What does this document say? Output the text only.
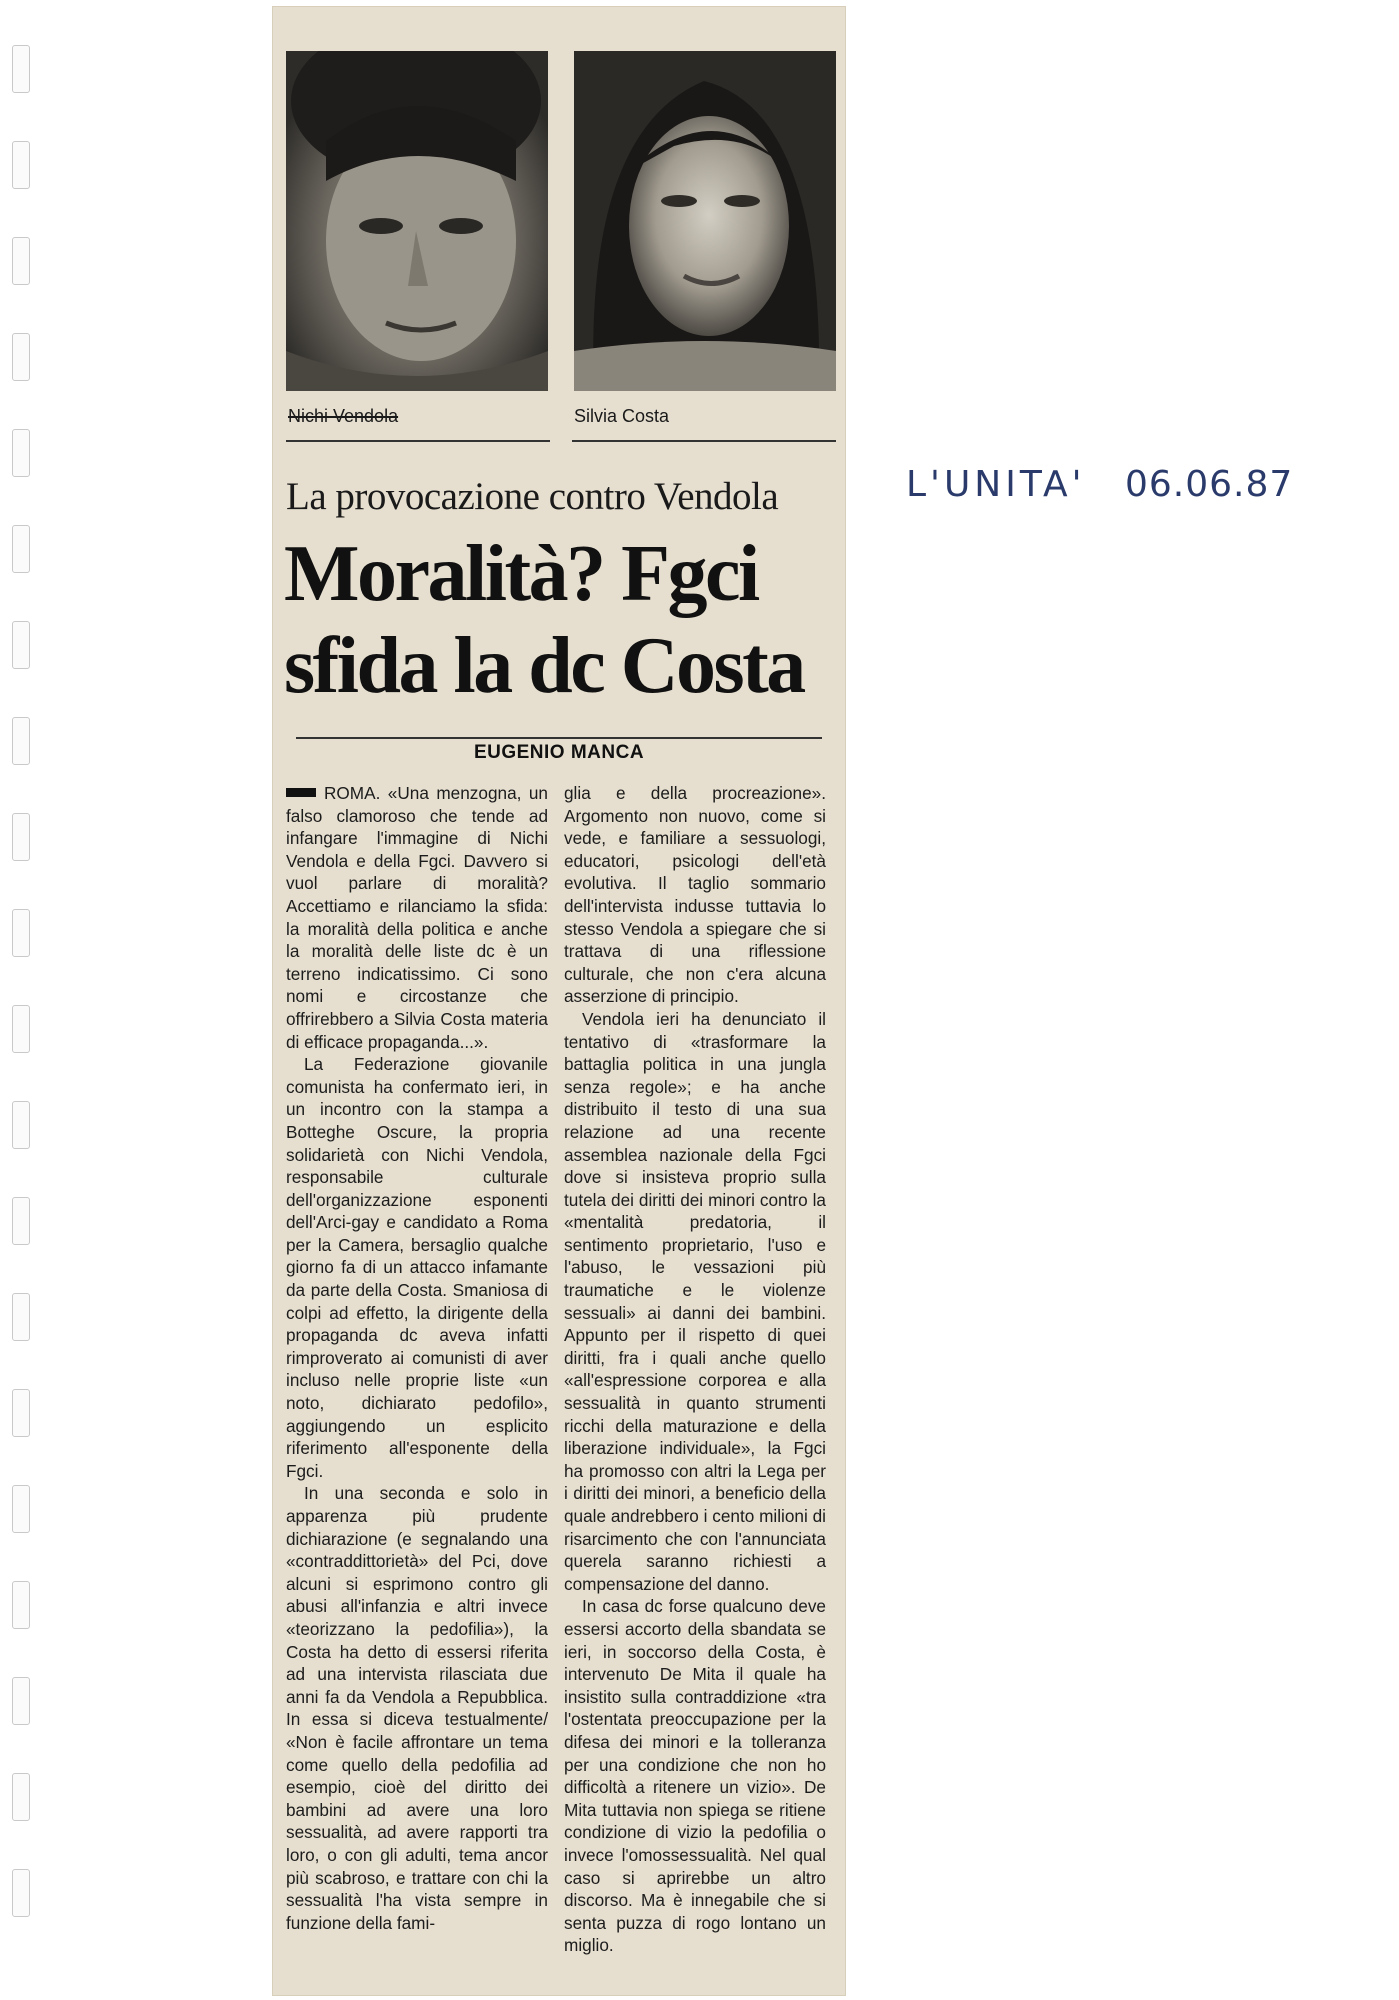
Nichi Vendola	Silvia Costa
La provocazione contro Vendola
Moralità? Fgci
sfida la dc Costa
EUGENIO MANCA

ROMA. «Una menzogna, un falso clamoroso che tende ad infangare l'immagine di Nichi Vendola e della Fgci. Davvero si vuol parlare di moralità? Accettiamo e rilanciamo la sfida: la moralità della politica e anche la moralità delle liste dc è un terreno indicatissimo. Ci sono nomi e circostanze che offrirebbero a Silvia Costa materia di efficace propaganda...».

La Federazione giovanile comunista ha confermato ieri, in un incontro con la stampa a Botteghe Oscure, la propria solidarietà con Nichi Vendola, responsabile culturale dell'organizzazione esponenti dell'Arci-gay e candidato a Roma per la Camera, bersaglio qualche giorno fa di un attacco infamante da parte della Costa. Smaniosa di colpi ad effetto, la dirigente della propaganda dc aveva infatti rimproverato ai comunisti di aver incluso nelle proprie liste «un noto, dichiarato pedofilo», aggiungendo un esplicito riferimento all'esponente della Fgci.

In una seconda e solo in apparenza più prudente dichiarazione (e segnalando una «contraddittorietà» del Pci, dove alcuni si esprimono contro gli abusi all'infanzia e altri invece «teorizzano la pedofilia»), la Costa ha detto di essersi riferita ad una intervista rilasciata due anni fa da Vendola a Repubblica. In essa si diceva testualmente/ «Non è facile affrontare un tema come quello della pedofilia ad esempio, cioè del diritto dei bambini ad avere una loro sessualità, ad avere rapporti tra loro, o con gli adulti, tema ancor più scabroso, e trattare con chi la sessualità l'ha vista sempre in funzione della fami-

glia e della procreazione». Argomento non nuovo, come si vede, e familiare a sessuologi, educatori, psicologi dell'età evolutiva. Il taglio sommario dell'intervista indusse tuttavia lo stesso Vendola a spiegare che si trattava di una riflessione culturale, che non c'era alcuna asserzione di principio.

Vendola ieri ha denunciato il tentativo di «trasformare la battaglia politica in una jungla senza regole»; e ha anche distribuito il testo di una sua relazione ad una recente assemblea nazionale della Fgci dove si insisteva proprio sulla tutela dei diritti dei minori contro la «mentalità predatoria, il sentimento proprietario, l'uso e l'abuso, le vessazioni più traumatiche e le violenze sessuali» ai danni dei bambini. Appunto per il rispetto di quei diritti, fra i quali anche quello «all'espressione corporea e alla sessualità in quanto strumenti ricchi della maturazione e della liberazione individuale», la Fgci ha promosso con altri la Lega per i diritti dei minori, a beneficio della quale andrebbero i cento milioni di risarcimento che con l'annunciata querela saranno richiesti a compensazione del danno.

In casa dc forse qualcuno deve essersi accorto della sbandata se ieri, in soccorso della Costa, è intervenuto De Mita il quale ha insistito sulla contraddizione «tra l'ostentata preoccupazione per la difesa dei minori e la tolleranza per una condizione che non ho difficoltà a ritenere un vizio». De Mita tuttavia non spiega se ritiene condizione di vizio la pedofilia o invece l'omossessualità. Nel qual caso si aprirebbe un altro discorso. Ma è innegabile che si senta puzza di rogo lontano un miglio.

L'UNITA' 06.06.87
